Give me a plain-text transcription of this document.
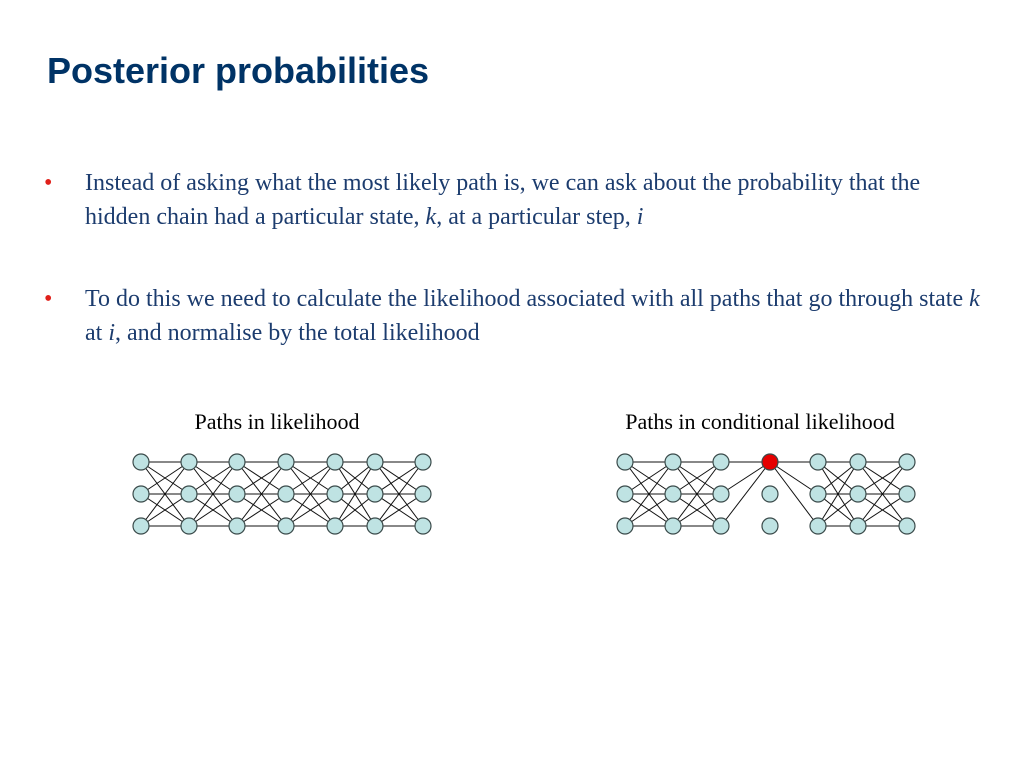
Posterior probabilities
• Instead of asking what the most likely path is, we can ask about the probability that the hidden chain had a particular state, k, at a particular step, i
• To do this we need to calculate the likelihood associated with all paths that go through state k at i, and normalise by the total likelihood
Paths in likelihood	Paths in conditional likelihood
